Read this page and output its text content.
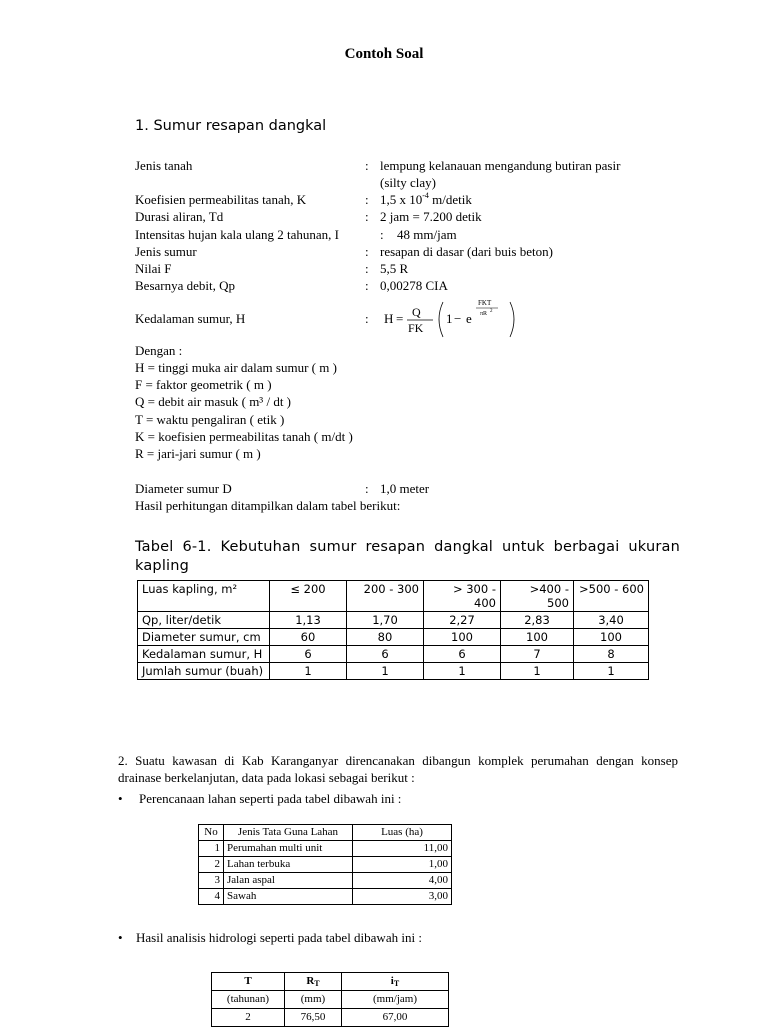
Contoh Soal
1. Sumur resapan dangkal
Jenis tanah	: lempung kelanauan mengandung butiran pasir
(silty clay)
Koefisien permeabilitas tanah, K	: 1,5 x $10^{-4}$ m/detik
Durasi aliran, Td	: 2 jam = 7.200 detik
Intensitas hujan kala ulang 2 tahunan, I	: 48 mm/jam
Jenis sumur	: resapan di dasar (dari buis beton)
Nilai F	: 5,5 R
Besarnya debit, Qp	: 0,00278 CIA
Kedalaman sumur, H	: H = Q
FK
1 − e
FKT
πR 2
Dengan :
H = tinggi muka air dalam sumur ( m )
F = faktor geometrik ( m )
Q = debit air masuk ( m³ / dt )
T = waktu pengaliran ( etik )
K = koefisien permeabilitas tanah ( m/dt )
R = jari-jari sumur ( m )
Diameter sumur D	: 1,0 meter
Hasil perhitungan ditampilkan dalam tabel berikut:
Tabel 6-1. Kebutuhan sumur resapan dangkal untuk berbagai ukuran kapling
Luas kapling, m²	≤ 200	200 - 300	> 300 - 400	>400 - 500	>500 - 600
Qp, liter/detik	1,13	1,70	2,27	2,83	3,40
Diameter sumur, cm	60	80	100	100	100
Kedalaman sumur, H	6	6	6	7	8
Jumlah sumur (buah)	1	1	1	1	1
2. Suatu kawasan di Kab Karanganyar direncanakan dibangun komplek perumahan dengan konsep drainase berkelanjutan, data pada lokasi sebagai berikut :
• Perencanaan lahan seperti pada tabel dibawah ini :
No	Jenis Tata Guna Lahan	Luas (ha)
1	Perumahan multi unit	11,00
2	Lahan terbuka	1,00
3	Jalan aspal	4,00
4	Sawah	3,00
• Hasil analisis hidrologi seperti pada tabel dibawah ini :
T	$R_T$	$i_T$
(tahunan)	(mm)	(mm/jam)
2	76,50	67,00
